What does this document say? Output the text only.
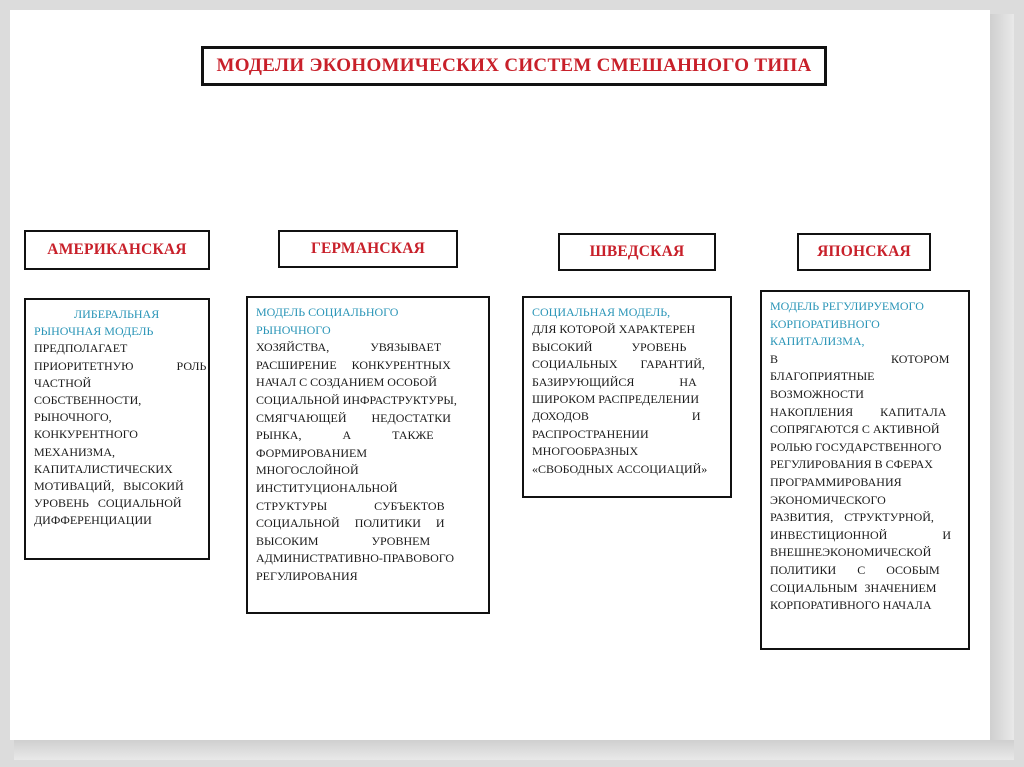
МОДЕЛИ ЭКОНОМИЧЕСКИХ СИСТЕМ СМЕШАННОГО ТИПА
АМЕРИКАНСКАЯ	ГЕРМАНСКАЯ	ШВЕДСКАЯ	ЯПОНСКАЯ
ЛИБЕРАЛЬНАЯ
РЫНОЧНАЯ МОДЕЛЬ
ПРЕДПОЛАГАЕТ
ПРИОРИТЕТНУЮ РОЛЬ
ЧАСТНОЙ
СОБСТВЕННОСТИ,
РЫНОЧНОГО,
КОНКУРЕНТНОГО
МЕХАНИЗМА,
КАПИТАЛИСТИЧЕСКИХ
МОТИВАЦИЙ, ВЫСОКИЙ
УРОВЕНЬ СОЦИАЛЬНОЙ
ДИФФЕРЕНЦИАЦИИ
МОДЕЛЬ СОЦИАЛЬНОГО
РЫНОЧНОГО
ХОЗЯЙСТВА, УВЯЗЫВАЕТ
РАСШИРЕНИЕ КОНКУРЕНТНЫХ
НАЧАЛ С СОЗДАНИЕМ ОСОБОЙ
СОЦИАЛЬНОЙ ИНФРАСТРУКТУРЫ,
СМЯГЧАЮЩЕЙ НЕДОСТАТКИ
РЫНКА, А ТАКЖЕ
ФОРМИРОВАНИЕМ
МНОГОСЛОЙНОЙ
ИНСТИТУЦИОНАЛЬНОЙ
СТРУКТУРЫ СУБЪЕКТОВ
СОЦИАЛЬНОЙ ПОЛИТИКИ И
ВЫСОКИМ УРОВНЕМ
АДМИНИСТРАТИВНО-ПРАВОВОГО
РЕГУЛИРОВАНИЯ
СОЦИАЛЬНАЯ МОДЕЛЬ,
ДЛЯ КОТОРОЙ ХАРАКТЕРЕН
ВЫСОКИЙ УРОВЕНЬ
СОЦИАЛЬНЫХ ГАРАНТИЙ,
БАЗИРУЮЩИЙСЯ НА
ШИРОКОМ РАСПРЕДЕЛЕНИИ
ДОХОДОВ И
РАСПРОСТРАНЕНИИ
МНОГООБРАЗНЫХ
«СВОБОДНЫХ АССОЦИАЦИЙ»
МОДЕЛЬ РЕГУЛИРУЕМОГО
КОРПОРАТИВНОГО
КАПИТАЛИЗМА,
В КОТОРОМ
БЛАГОПРИЯТНЫЕ
ВОЗМОЖНОСТИ
НАКОПЛЕНИЯ КАПИТАЛА
СОПРЯГАЮТСЯ С АКТИВНОЙ
РОЛЬЮ ГОСУДАРСТВЕННОГО
РЕГУЛИРОВАНИЯ В СФЕРАХ
ПРОГРАММИРОВАНИЯ
ЭКОНОМИЧЕСКОГО
РАЗВИТИЯ, СТРУКТУРНОЙ,
ИНВЕСТИЦИОННОЙ И
ВНЕШНЕЭКОНОМИЧЕСКОЙ
ПОЛИТИКИ С ОСОБЫМ
СОЦИАЛЬНЫМ ЗНАЧЕНИЕМ
КОРПОРАТИВНОГО НАЧАЛА
